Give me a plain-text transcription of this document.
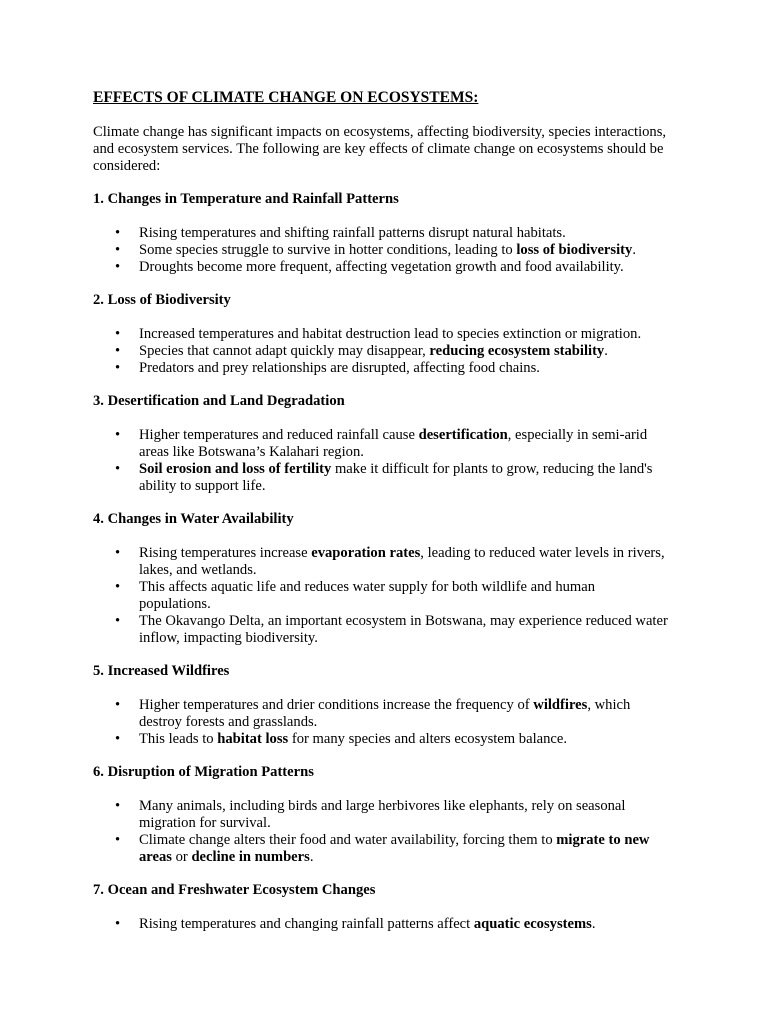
EFFECTS OF CLIMATE CHANGE ON ECOSYSTEMS:

Climate change has significant impacts on ecosystems, affecting biodiversity, species interactions, and ecosystem services. The following are key effects of climate change on ecosystems should be considered:

1. Changes in Temperature and Rainfall Patterns
• Rising temperatures and shifting rainfall patterns disrupt natural habitats.
• Some species struggle to survive in hotter conditions, leading to loss of biodiversity.
• Droughts become more frequent, affecting vegetation growth and food availability.
2. Loss of Biodiversity
• Increased temperatures and habitat destruction lead to species extinction or migration.
• Species that cannot adapt quickly may disappear, reducing ecosystem stability.
• Predators and prey relationships are disrupted, affecting food chains.
3. Desertification and Land Degradation
• Higher temperatures and reduced rainfall cause desertification, especially in semi-arid areas like Botswana’s Kalahari region.
• Soil erosion and loss of fertility make it difficult for plants to grow, reducing the land's ability to support life.
4. Changes in Water Availability
• Rising temperatures increase evaporation rates, leading to reduced water levels in rivers, lakes, and wetlands.
• This affects aquatic life and reduces water supply for both wildlife and human populations.
• The Okavango Delta, an important ecosystem in Botswana, may experience reduced water inflow, impacting biodiversity.
5. Increased Wildfires
• Higher temperatures and drier conditions increase the frequency of wildfires, which destroy forests and grasslands.
• This leads to habitat loss for many species and alters ecosystem balance.
6. Disruption of Migration Patterns
• Many animals, including birds and large herbivores like elephants, rely on seasonal migration for survival.
• Climate change alters their food and water availability, forcing them to migrate to new areas or decline in numbers.
7. Ocean and Freshwater Ecosystem Changes
• Rising temperatures and changing rainfall patterns affect aquatic ecosystems.
